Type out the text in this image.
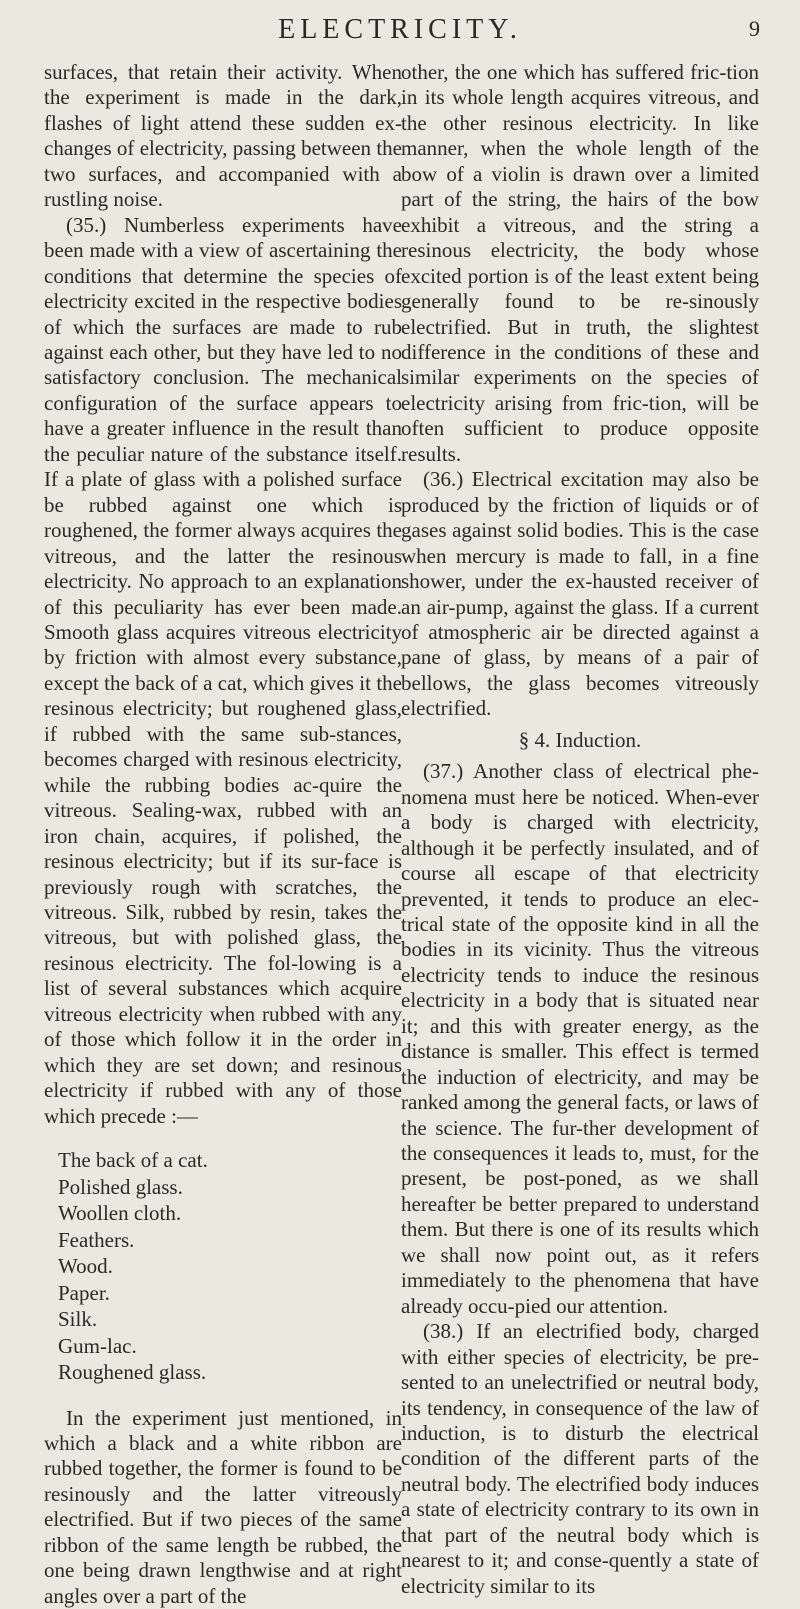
ELECTRICITY.	9

surfaces, that retain their activity. When the experiment is made in the dark, flashes of light attend these sudden ex-changes of electricity, passing between the two surfaces, and accompanied with a rustling noise.

(35.) Numberless experiments have been made with a view of ascertaining the conditions that determine the species of electricity excited in the respective bodies of which the surfaces are made to rub against each other, but they have led to no satisfactory conclusion. The mechanical configuration of the surface appears to have a greater influence in the result than the peculiar nature of the substance itself. If a plate of glass with a polished surface be rubbed against one which is roughened, the former always acquires the vitreous, and the latter the resinous electricity. No approach to an explanation of this peculiarity has ever been made. Smooth glass acquires vitreous electricity by friction with almost every substance, except the back of a cat, which gives it the resinous electricity; but roughened glass, if rubbed with the same sub-stances, becomes charged with resinous electricity, while the rubbing bodies ac-quire the vitreous. Sealing-wax, rubbed with an iron chain, acquires, if polished, the resinous electricity; but if its sur-face is previously rough with scratches, the vitreous. Silk, rubbed by resin, takes the vitreous, but with polished glass, the resinous electricity. The fol-lowing is a list of several substances which acquire vitreous electricity when rubbed with any of those which follow it in the order in which they are set down; and resinous electricity if rubbed with any of those which precede :—

The back of a cat.
Polished glass.
Woollen cloth.
Feathers.
Wood.
Paper.
Silk.
Gum-lac.
Roughened glass.

In the experiment just mentioned, in which a black and a white ribbon are rubbed together, the former is found to be resinously and the latter vitreously electrified. But if two pieces of the same ribbon of the same length be rubbed, the one being drawn lengthwise and at right angles over a part of the

other, the one which has suffered fric-tion in its whole length acquires vitreous, and the other resinous electricity. In like manner, when the whole length of the bow of a violin is drawn over a limited part of the string, the hairs of the bow exhibit a vitreous, and the string a resinous electricity, the body whose excited portion is of the least extent being generally found to be re-sinously electrified. But in truth, the slightest difference in the conditions of these and similar experiments on the species of electricity arising from fric-tion, will be often sufficient to produce opposite results.

(36.) Electrical excitation may also be produced by the friction of liquids or of gases against solid bodies. This is the case when mercury is made to fall, in a fine shower, under the ex-hausted receiver of an air-pump, against the glass. If a current of atmospheric air be directed against a pane of glass, by means of a pair of bellows, the glass becomes vitreously electrified.

§ 4. Induction.

(37.) Another class of electrical phe-nomena must here be noticed. When-ever a body is charged with electricity, although it be perfectly insulated, and of course all escape of that electricity prevented, it tends to produce an elec-trical state of the opposite kind in all the bodies in its vicinity. Thus the vitreous electricity tends to induce the resinous electricity in a body that is situated near it; and this with greater energy, as the distance is smaller. This effect is termed the induction of electricity, and may be ranked among the general facts, or laws of the science. The fur-ther development of the consequences it leads to, must, for the present, be post-poned, as we shall hereafter be better prepared to understand them. But there is one of its results which we shall now point out, as it refers immediately to the phenomena that have already occu-pied our attention.

(38.) If an electrified body, charged with either species of electricity, be pre-sented to an unelectrified or neutral body, its tendency, in consequence of the law of induction, is to disturb the electrical condition of the different parts of the neutral body. The electrified body induces a state of electricity contrary to its own in that part of the neutral body which is nearest to it; and conse-quently a state of electricity similar to its
